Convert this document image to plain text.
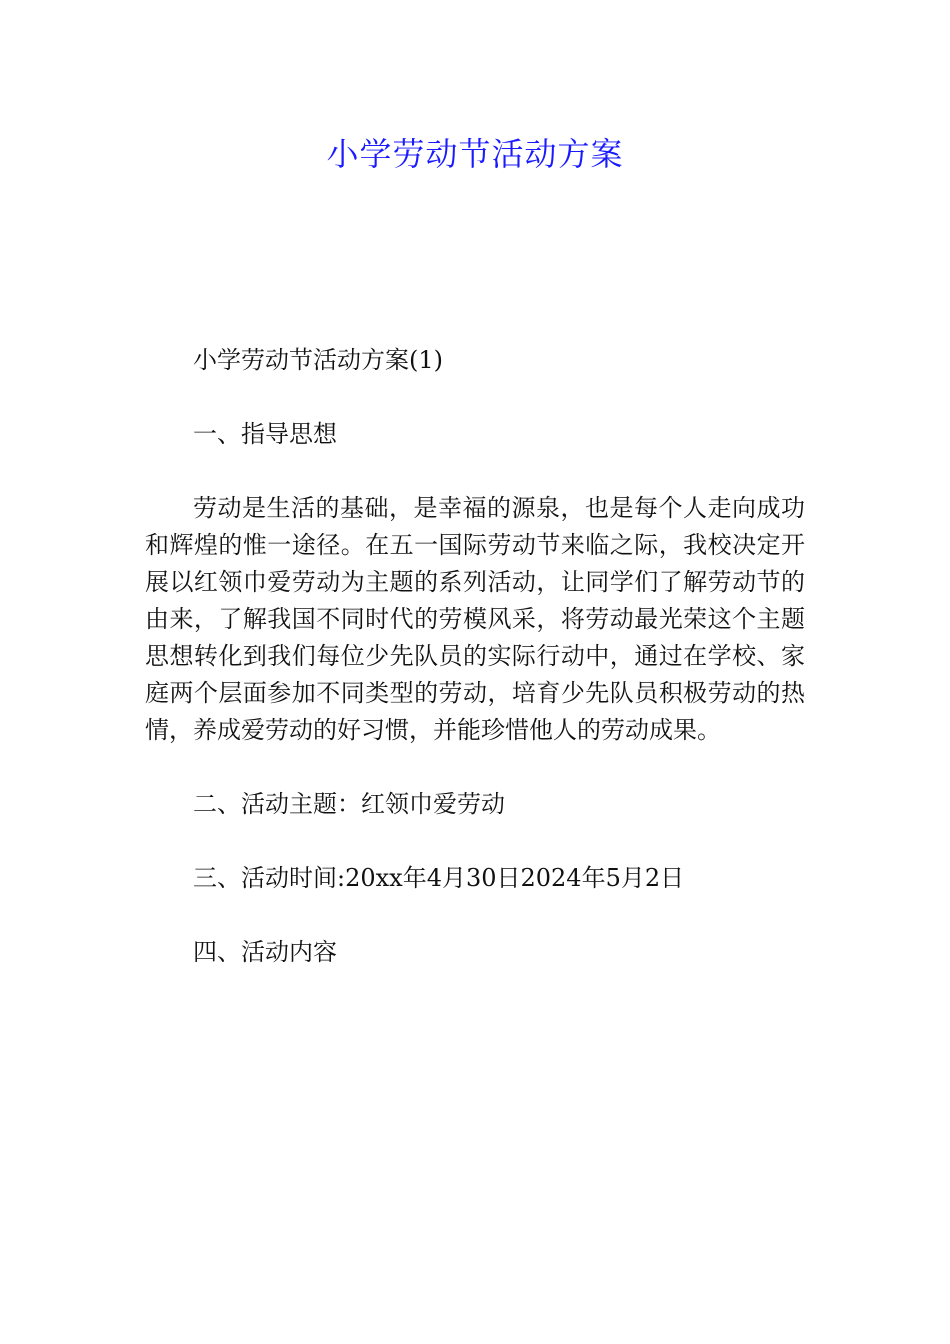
小学劳动节活动方案

小学劳动节活动方案(1)

一、指导思想

劳动是生活的基础，是幸福的源泉，也是每个人走向成功和辉煌的惟一途径。在五一国际劳动节来临之际，我校决定开展以红领巾爱劳动为主题的系列活动，让同学们了解劳动节的由来，了解我国不同时代的劳模风采，将劳动最光荣这个主题思想转化到我们每位少先队员的实际行动中，通过在学校、家庭两个层面参加不同类型的劳动，培育少先队员积极劳动的热情，养成爱劳动的好习惯，并能珍惜他人的劳动成果。

二、活动主题：红领巾爱劳动

三、活动时间:20xx年4月30日2024年5月2日

四、活动内容
